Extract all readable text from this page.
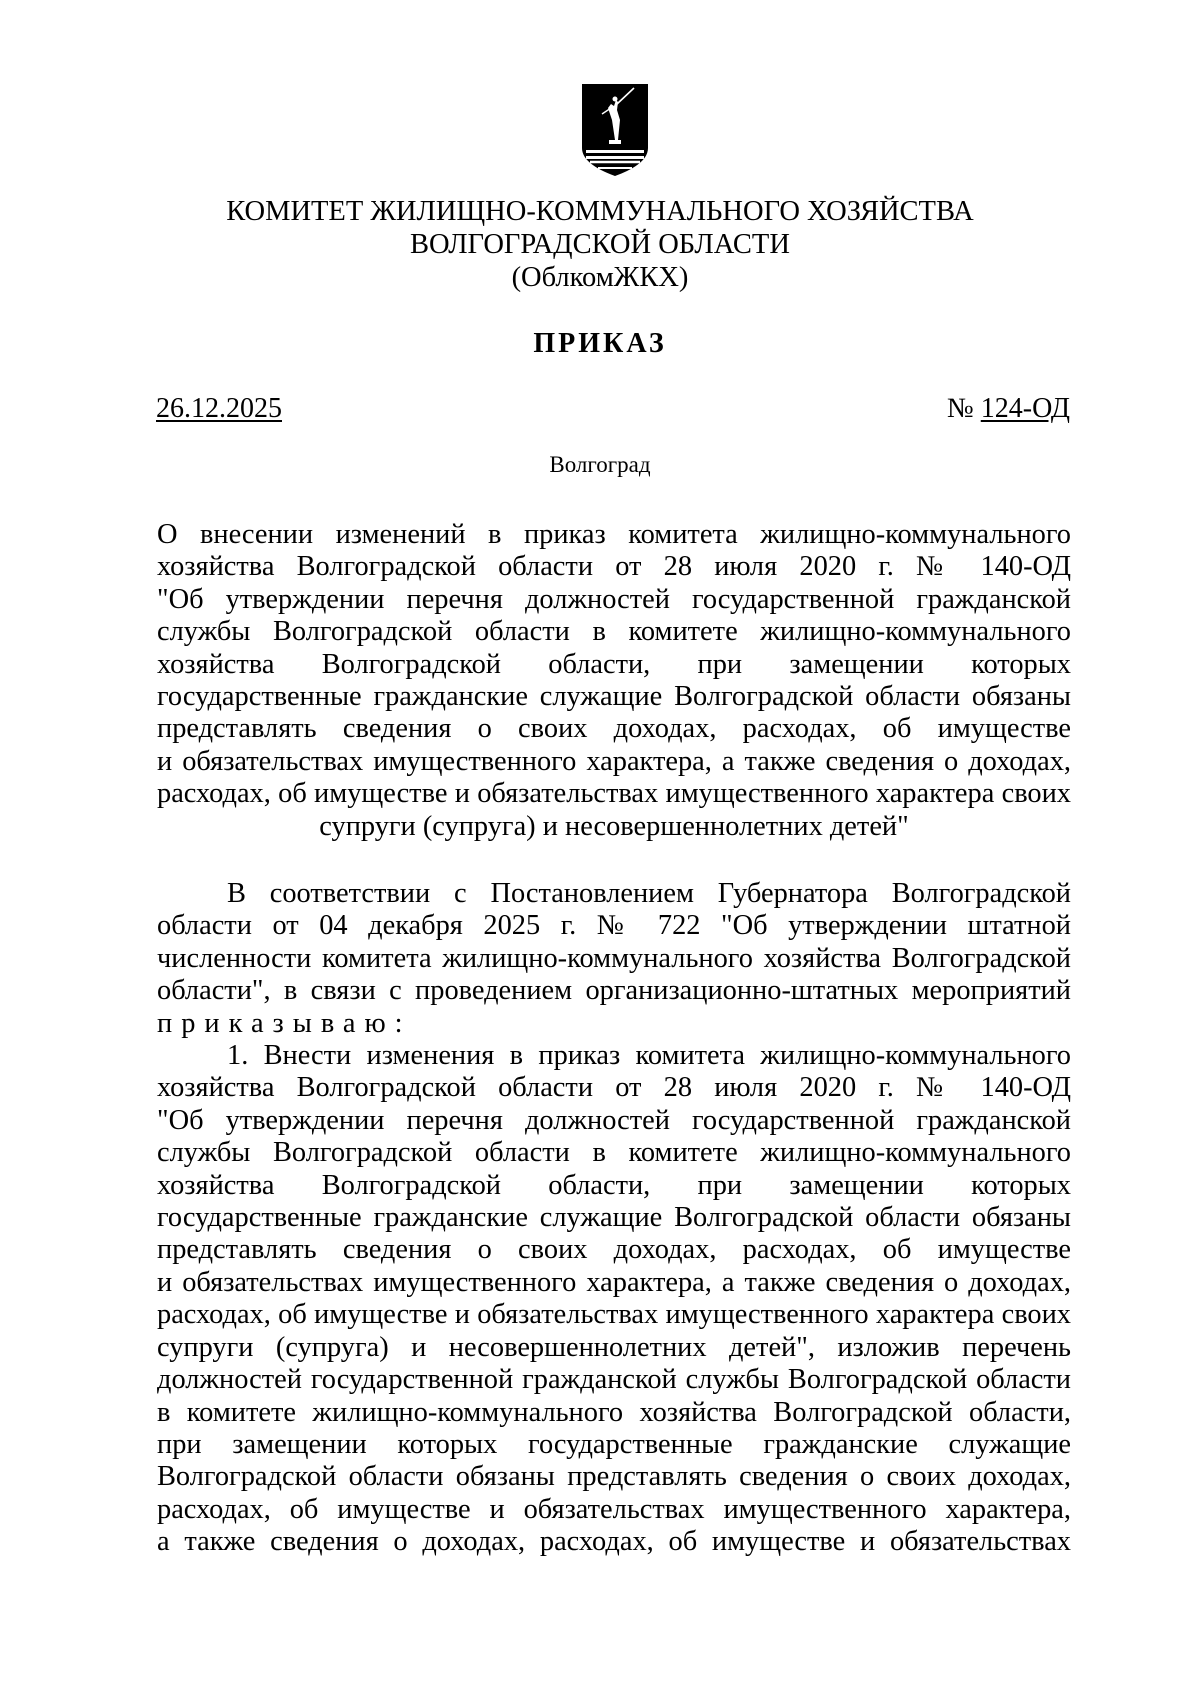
КОМИТЕТ ЖИЛИЩНО-КОММУНАЛЬНОГО ХОЗЯЙСТВА
ВОЛГОГРАДСКОЙ ОБЛАСТИ
(ОблкомЖКХ)
ПРИКАЗ
26.12.2025	№ 124-ОД
Волгоград
О внесении изменений в приказ комитета жилищно-коммунального
хозяйства Волгоградской области от 28 июля 2020 г. № 140-ОД
"Об утверждении перечня должностей государственной гражданской
службы Волгоградской области в комитете жилищно-коммунального
хозяйства Волгоградской области, при замещении которых
государственные гражданские служащие Волгоградской области обязаны
представлять сведения о своих доходах, расходах, об имуществе
и обязательствах имущественного характера, а также сведения о доходах,
расходах, об имуществе и обязательствах имущественного характера своих
супруги (супруга) и несовершеннолетних детей"
В соответствии с Постановлением Губернатора Волгоградской
области от 04 декабря 2025 г. № 722 "Об утверждении штатной
численности комитета жилищно-коммунального хозяйства Волгоградской
области", в связи с проведением организационно-штатных мероприятий
приказываю:
1. Внести изменения в приказ комитета жилищно-коммунального
хозяйства Волгоградской области от 28 июля 2020 г. № 140-ОД
"Об утверждении перечня должностей государственной гражданской
службы Волгоградской области в комитете жилищно-коммунального
хозяйства Волгоградской области, при замещении которых
государственные гражданские служащие Волгоградской области обязаны
представлять сведения о своих доходах, расходах, об имуществе
и обязательствах имущественного характера, а также сведения о доходах,
расходах, об имуществе и обязательствах имущественного характера своих
супруги (супруга) и несовершеннолетних детей", изложив перечень
должностей государственной гражданской службы Волгоградской области
в комитете жилищно-коммунального хозяйства Волгоградской области,
при замещении которых государственные гражданские служащие
Волгоградской области обязаны представлять сведения о своих доходах,
расходах, об имуществе и обязательствах имущественного характера,
а также сведения о доходах, расходах, об имуществе и обязательствах
